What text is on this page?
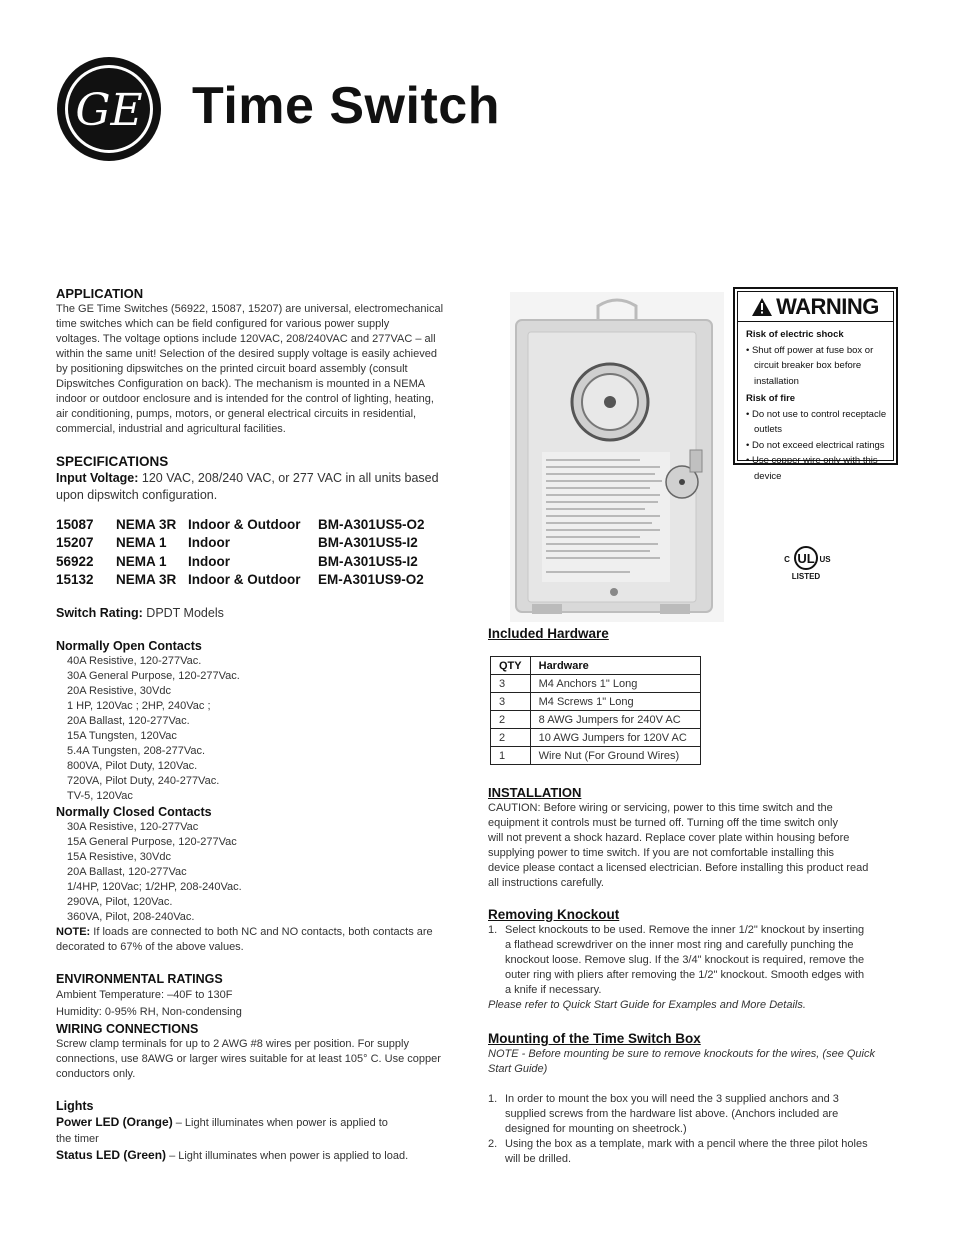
GE Time Switch
APPLICATION
The GE Time Switches (56922, 15087, 15207) are universal, electromechanical
time switches which can be field configured for various power supply
voltages. The voltage options include 120VAC, 208/240VAC and 277VAC – all
within the same unit! Selection of the desired supply voltage is easily achieved
by positioning dipswitches on the printed circuit board assembly (consult
Dipswitches Configuration on back). The mechanism is mounted in a NEMA
indoor or outdoor enclosure and is intended for the control of lighting, heating,
air conditioning, pumps, motors, or general electrical circuits in residential,
commercial, industrial and agricultural facilities.
SPECIFICATIONS
Input Voltage: 120 VAC, 208/240 VAC, or 277 VAC in all units based
upon dipswitch configuration.
15087	NEMA 3R Indoor & Outdoor	BM-A301US5-O2
15207	NEMA 1	Indoor	BM-A301US5-I2
56922	NEMA 1	Indoor	BM-A301US5-I2
15132	NEMA 3R Indoor & Outdoor	EM-A301US9-O2
Switch Rating: DPDT Models
Normally Open Contacts
40A Resistive, 120-277Vac.
30A General Purpose, 120-277Vac.
20A Resistive, 30Vdc
1 HP, 120Vac ; 2HP, 240Vac ;
20A Ballast, 120-277Vac.
15A Tungsten, 120Vac
5.4A Tungsten, 208-277Vac.
800VA, Pilot Duty, 120Vac.
720VA, Pilot Duty, 240-277Vac.
TV-5, 120Vac
Normally Closed Contacts
30A Resistive, 120-277Vac
15A General Purpose, 120-277Vac
15A Resistive, 30Vdc
20A Ballast, 120-277Vac
1/4HP, 120Vac; 1/2HP, 208-240Vac.
290VA, Pilot, 120Vac.
360VA, Pilot, 208-240Vac.
NOTE: If loads are connected to both NC and NO contacts, both contacts are
decorated to 67% of the above values.
ENVIRONMENTAL RATINGS
Ambient Temperature: –40F to 130F
Humidity: 0-95% RH, Non-condensing
WIRING CONNECTIONS
Screw clamp terminals for up to 2 AWG #8 wires per position. For supply
connections, use 8AWG or larger wires suitable for at least 105° C. Use copper
conductors only.
Lights
Power LED (Orange) – Light illuminates when power is applied to
the timer
Status LED (Green) – Light illuminates when power is applied to load.
WARNING
Risk of electric shock
• Shut off power at fuse box or circuit breaker box before installation
Risk of fire
• Do not use to control receptacle outlets
• Do not exceed electrical ratings
• Use copper wire only with this device
UL
C	US
LISTED
Included Hardware
QTY	Hardware
3	M4 Anchors 1" Long
3	M4 Screws 1" Long
2	8 AWG Jumpers for 240V AC
2	10 AWG Jumpers for 120V AC
1	Wire Nut (For Ground Wires)
INSTALLATION
CAUTION: Before wiring or servicing, power to this time switch and the
equipment it controls must be turned off. Turning off the time switch only
will not prevent a shock hazard. Replace cover plate within housing before
supplying power to time switch. If you are not comfortable installing this
device please contact a licensed electrician. Before installing this product read
all instructions carefully.
Removing Knockout
1. Select knockouts to be used. Remove the inner 1/2" knockout by inserting
a flathead screwdriver on the inner most ring and carefully punching the
knockout loose. Remove slug. If the 3/4" knockout is required, remove the
outer ring with pliers after removing the 1/2" knockout. Smooth edges with
a knife if necessary.
Please refer to Quick Start Guide for Examples and More Details.
Mounting of the Time Switch Box
NOTE - Before mounting be sure to remove knockouts for the wires, (see Quick
Start Guide)
1. In order to mount the box you will need the 3 supplied anchors and 3
supplied screws from the hardware list above. (Anchors included are
designed for mounting on sheetrock.)
2. Using the box as a template, mark with a pencil where the three pilot holes
will be drilled.
